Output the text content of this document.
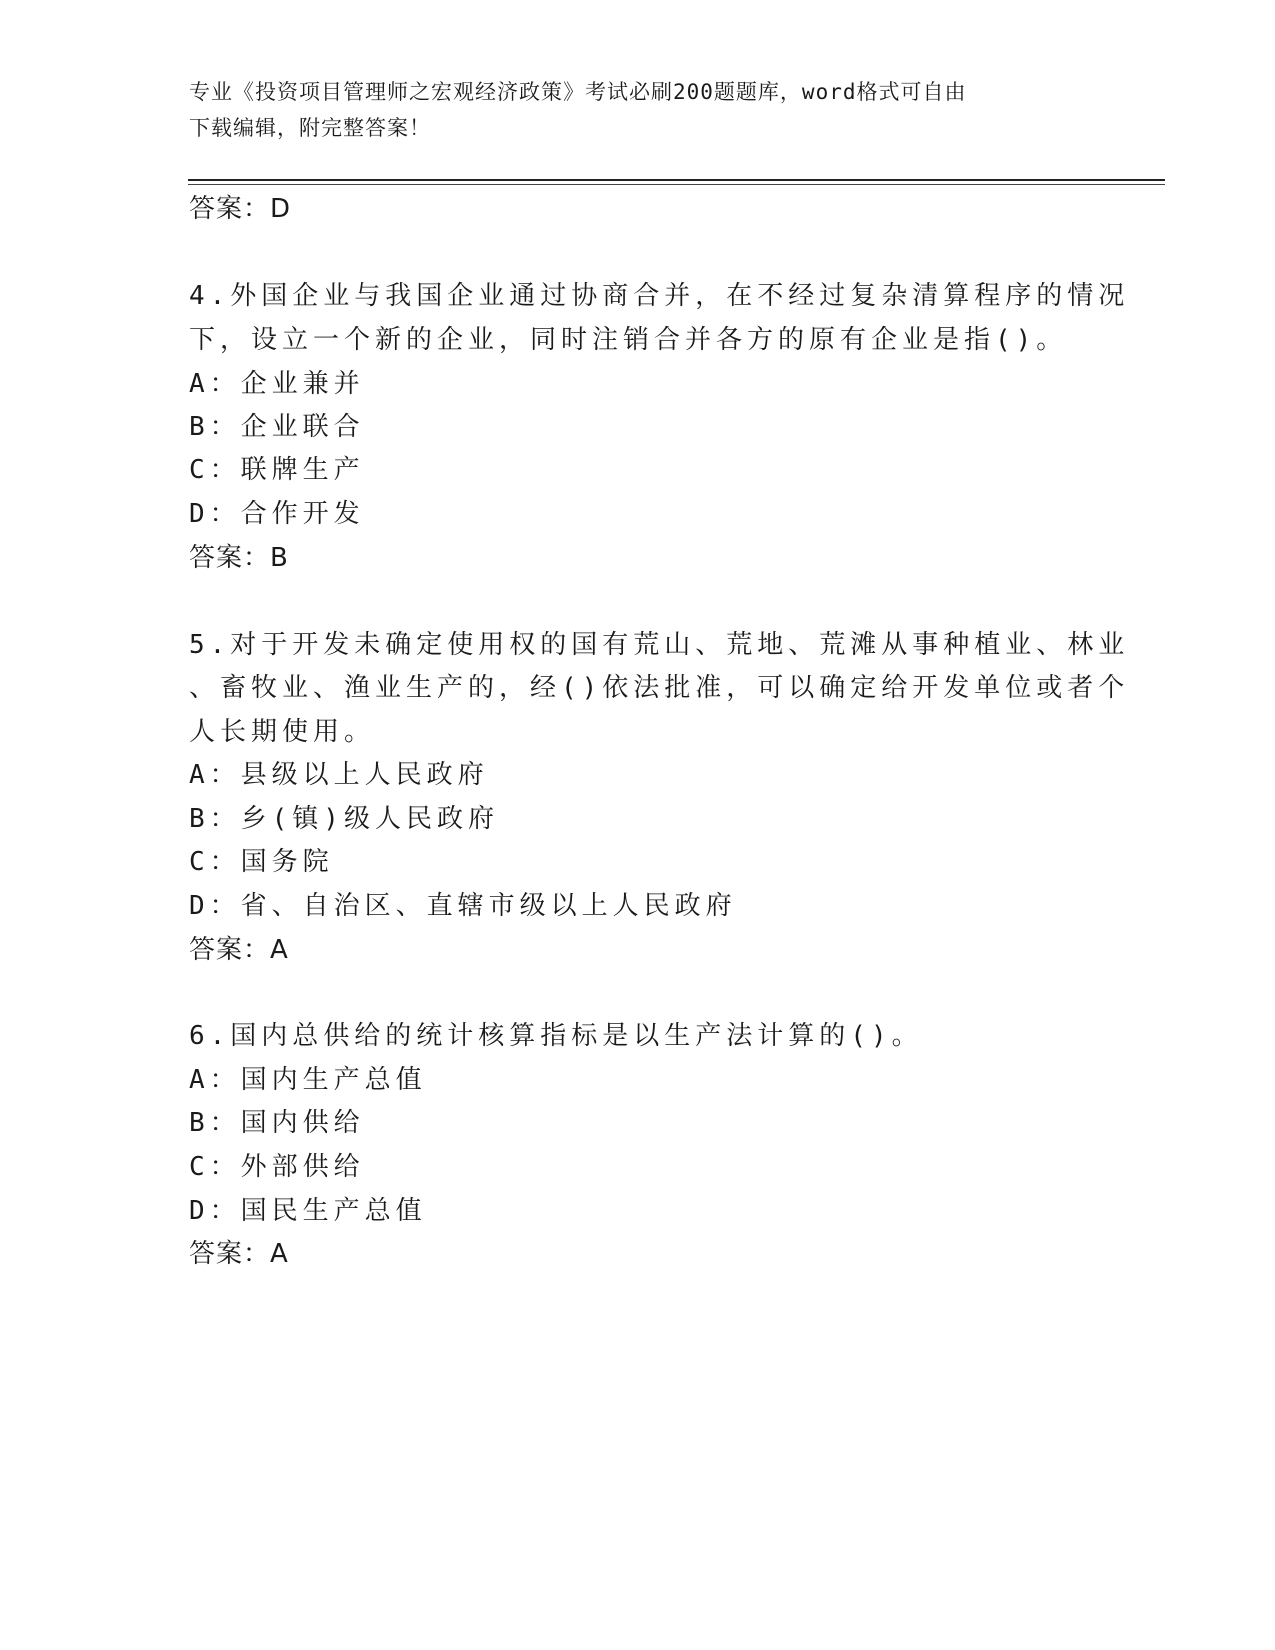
专业《投资项目管理师之宏观经济政策》考试必刷200题题库，word格式可自由
下载编辑，附完整答案！
答案：D
4.外国企业与我国企业通过协商合并，在不经过复杂清算程序的情况
下，设立一个新的企业，同时注销合并各方的原有企业是指()。
A：企业兼并
B：企业联合
C：联牌生产
D：合作开发
答案：B
5.对于开发未确定使用权的国有荒山、荒地、荒滩从事种植业、林业
、畜牧业、渔业生产的，经()依法批准，可以确定给开发单位或者个
人长期使用。
A：县级以上人民政府
B：乡(镇)级人民政府
C：国务院
D：省、自治区、直辖市级以上人民政府
答案：A
6.国内总供给的统计核算指标是以生产法计算的()。
A：国内生产总值
B：国内供给
C：外部供给
D：国民生产总值
答案：A
